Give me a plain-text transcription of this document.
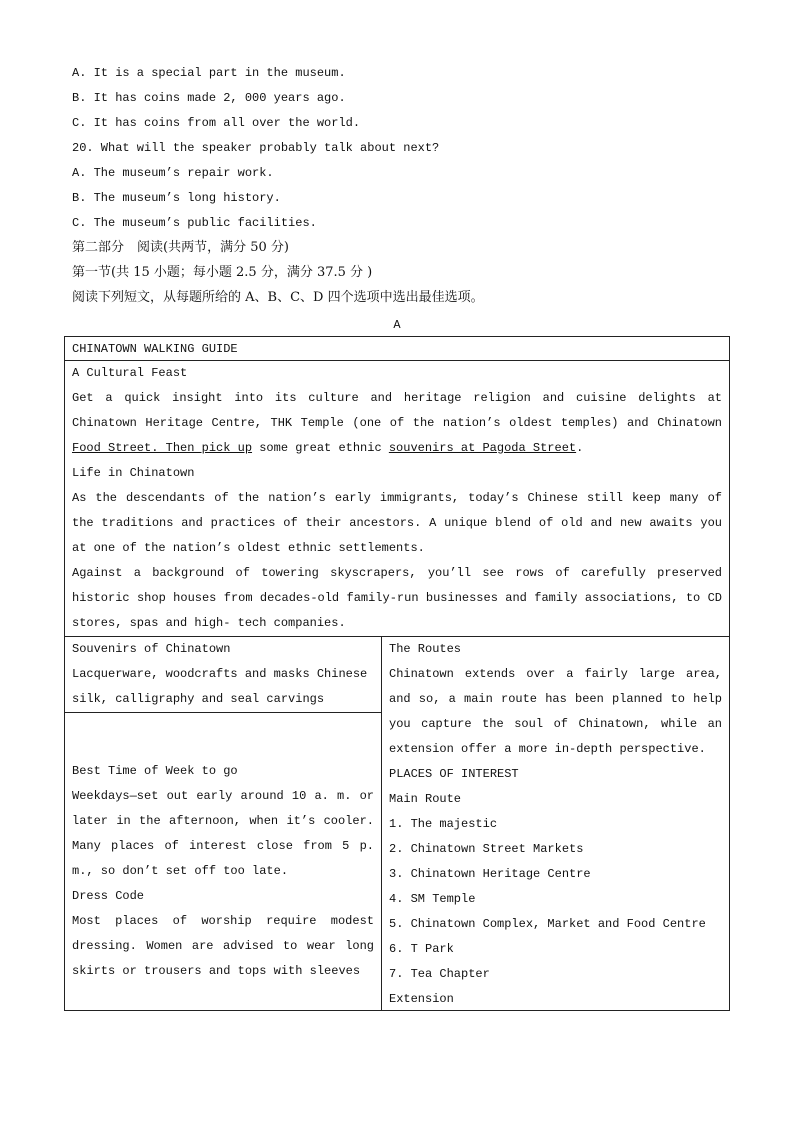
A. It is a special part in the museum.
B. It has coins made 2, 000 years ago.
C. It has coins from all over the world.
20. What will the speaker probably talk about next?
A. The museum’s repair work.
B. The museum’s long history.
C. The museum’s public facilities.
第二部分　阅读(共两节，满分 50 分)
第一节(共 15 小题；每小题 2.5 分，满分 37.5 分 )
阅读下列短文，从每题所给的 A、B、C、D 四个选项中选出最佳选项。
A
CHINATOWN WALKING GUIDE

A Cultural Feast

Get a quick insight into its culture and heritage religion and cuisine delights at Chinatown Heritage Centre, THK Temple (one of the nation’s oldest temples) and Chinatown Food Street. Then pick up some great ethnic souvenirs at Pagoda Street.

Life in Chinatown

As the descendants of the nation’s early immigrants, today’s Chinese still keep many of the traditions and practices of their ancestors. A unique blend of old and new awaits you at one of the nation’s oldest ethnic settlements.

Against a background of towering skyscrapers, you’ll see rows of carefully preserved historic shop houses from decades-old family-run businesses and family associations, to CD stores, spas and high- tech companies.

Souvenirs of Chinatown

Lacquerware, woodcrafts and masks Chinese silk, calligraphy and seal carvings

Best Time of Week to go

Weekdays—set out early around 10 a. m. or later in the afternoon, when it’s cooler. Many places of interest close from 5 p. m., so don’t set off too late.

Dress Code

Most places of worship require modest dressing. Women are advised to wear long skirts or trousers and tops with sleeves

The Routes

Chinatown extends over a fairly large area, and so, a main route has been planned to help you capture the soul of Chinatown, while an extension offer a more in-depth perspective.

PLACES OF INTEREST

Main Route

1. The majestic

2. Chinatown Street Markets

3. Chinatown Heritage Centre

4. SM Temple

5. Chinatown Complex, Market and Food Centre

6. T Park

7. Tea Chapter

Extension
